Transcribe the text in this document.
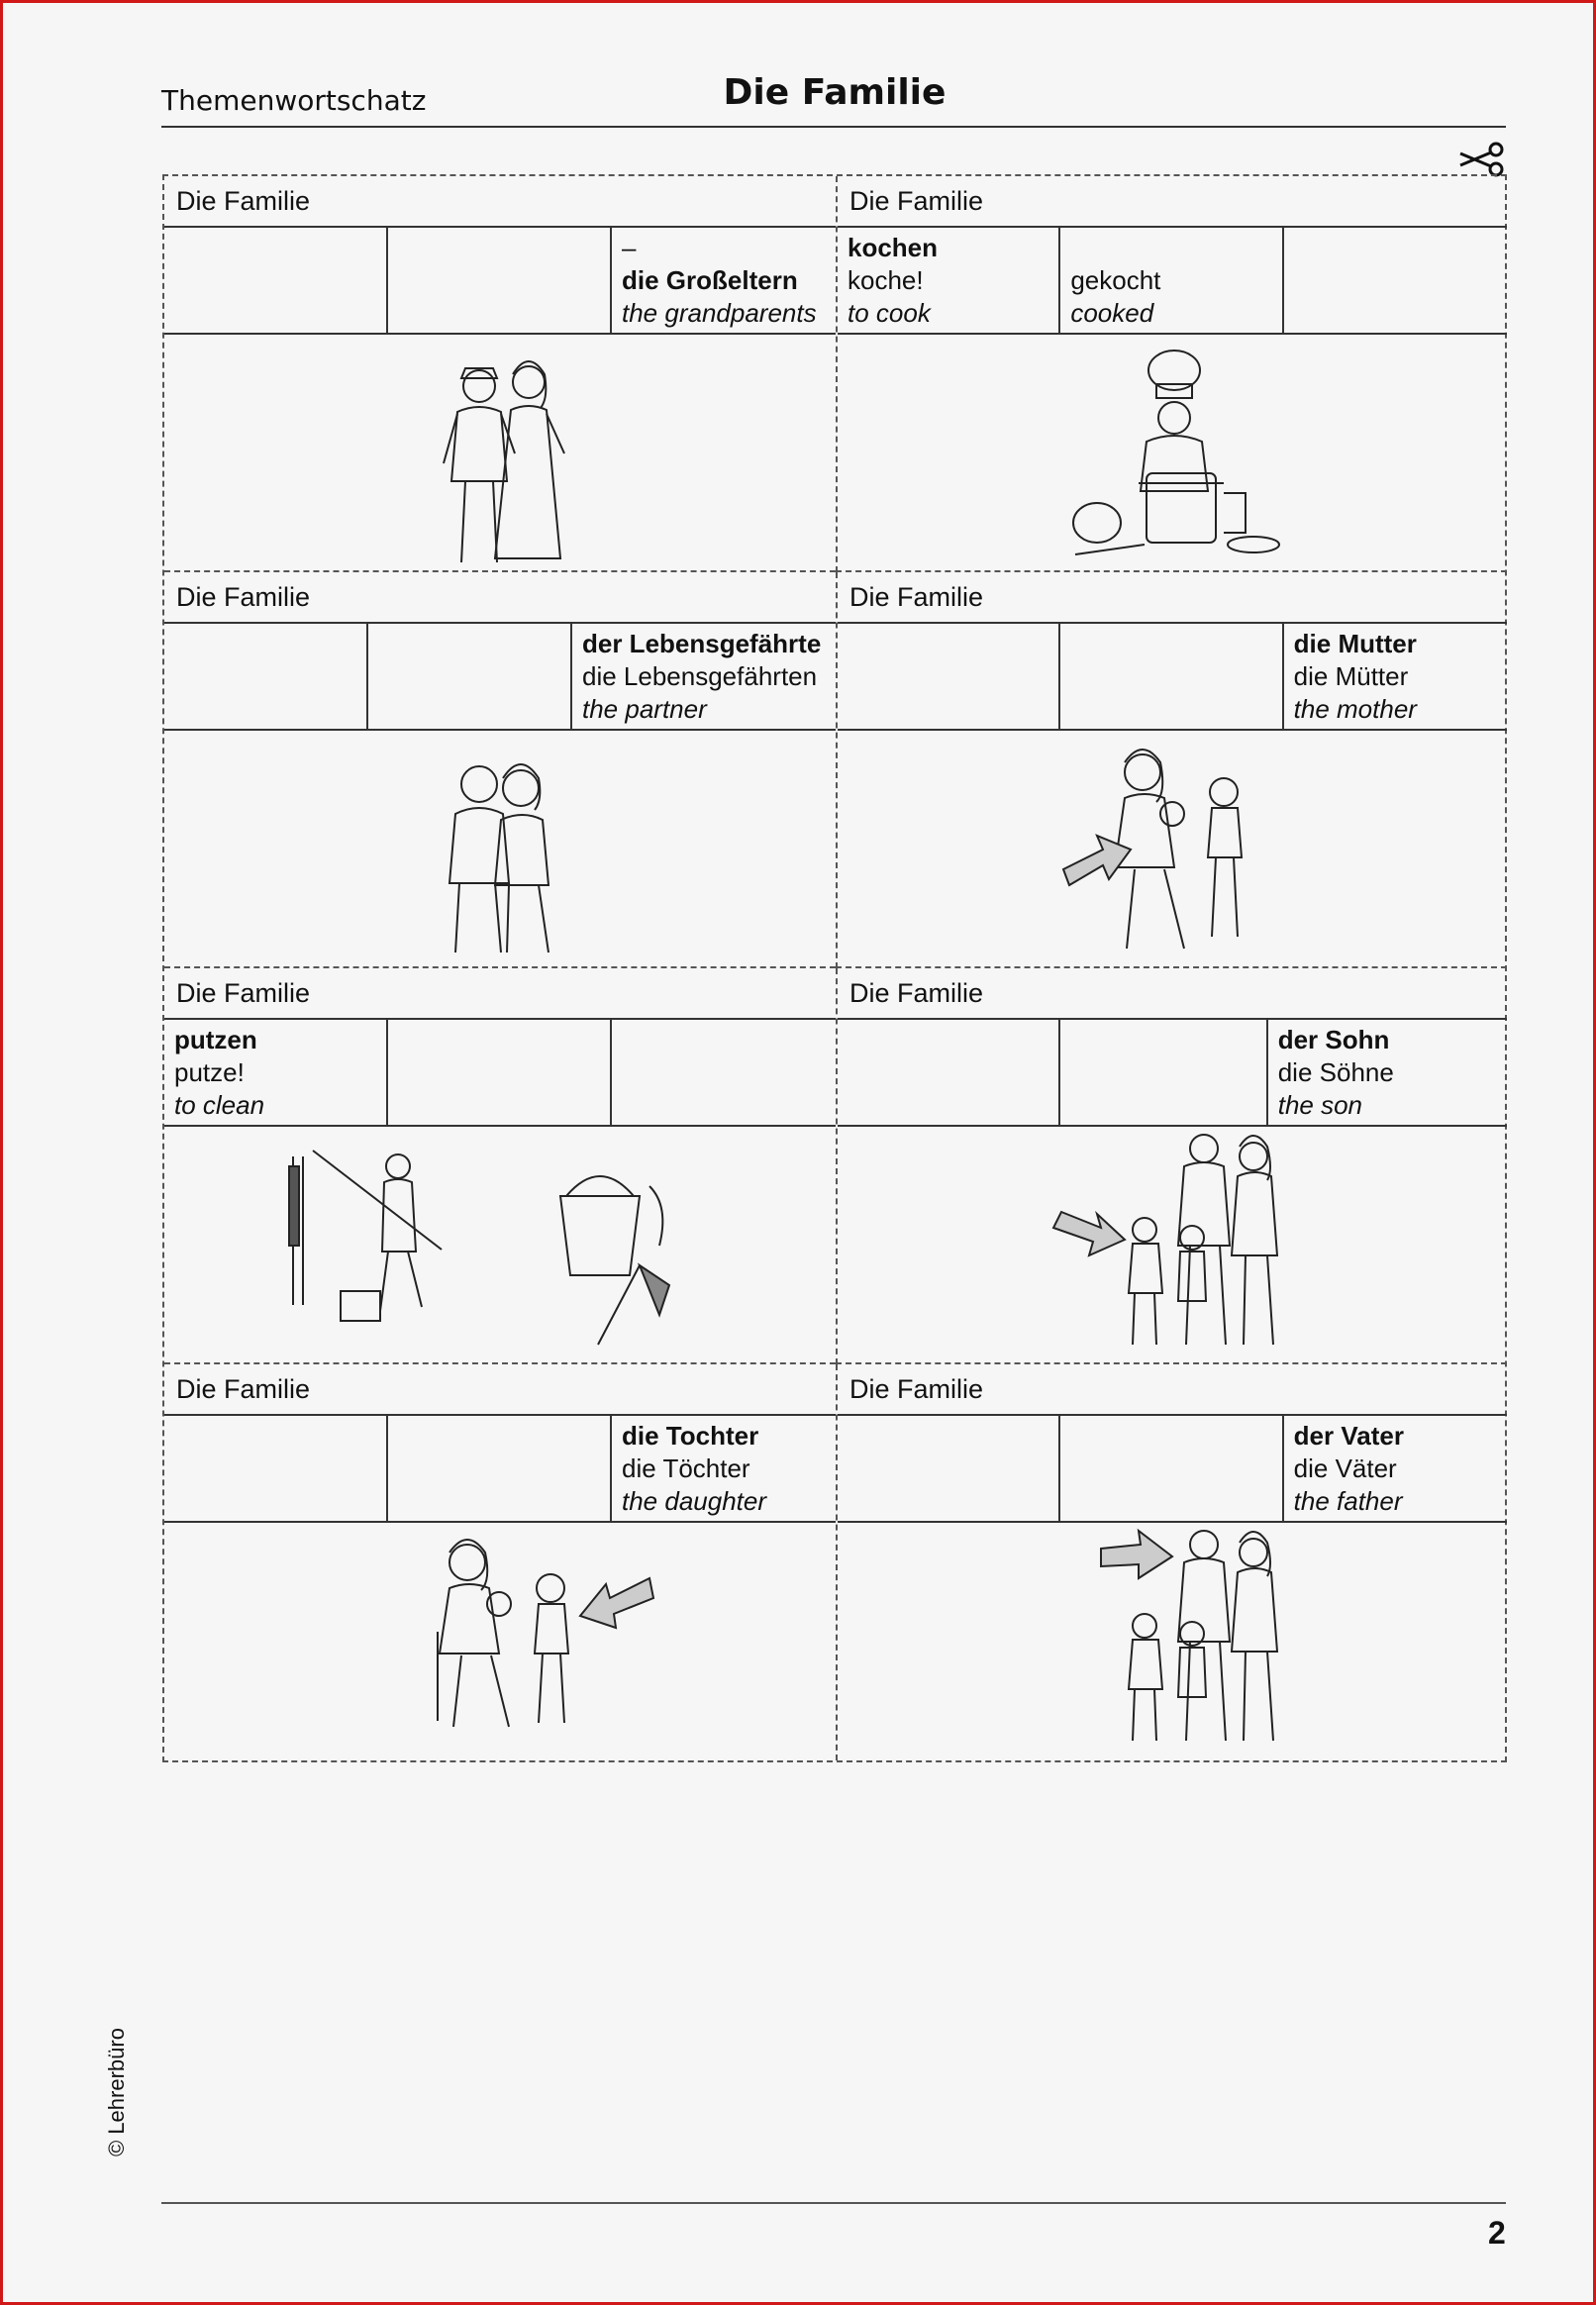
Themenwortschatz	Die Familie
Die Familie
–
die Großeltern
the grandparents
Die Familie
kochen
koche!
to cook
gekocht
cooked
Die Familie
der Lebensgefährte
die Lebensgefährten
the partner
Die Familie
die Mutter
die Mütter
the mother
Die Familie
putzen
putze!
to clean
Die Familie
der Sohn
die Söhne
the son
Die Familie
die Tochter
die Töchter
the daughter
Die Familie
der Vater
die Väter
the father
© Lehrerbüro
2
